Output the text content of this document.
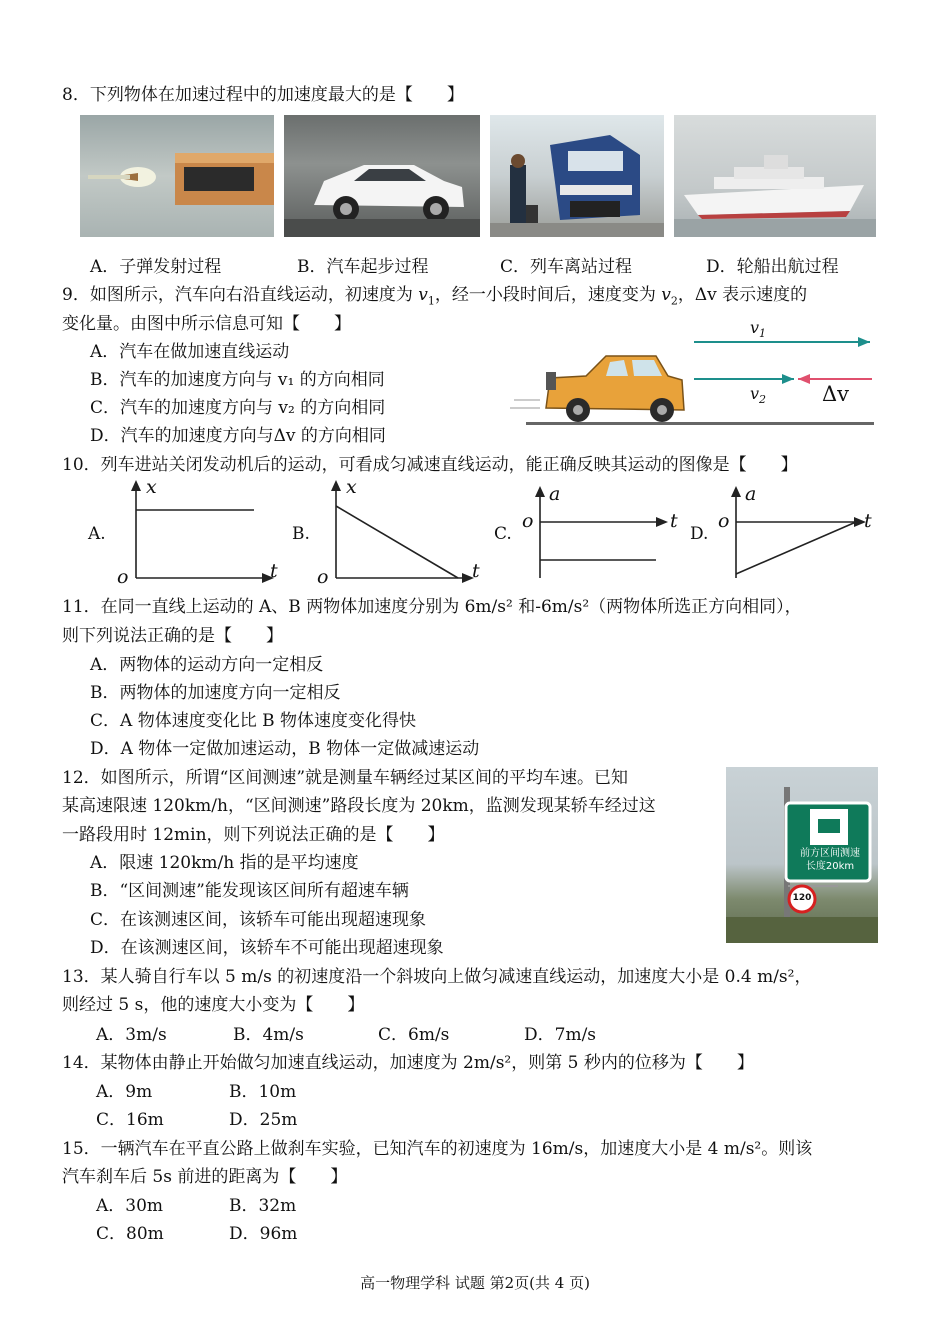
8．下列物体在加速过程中的加速度最大的是【　　】
A．子弹发射过程	B．汽车起步过程	C．列车离站过程	D．轮船出航过程
9．如图所示，汽车向右沿直线运动，初速度为 $v_1$，经一小段时间后，速度变为 $v_2$，Δv 表示速度的
变化量。由图中所示信息可知【　　】
A．汽车在做加速直线运动
B．汽车的加速度方向与 v₁ 的方向相同
C．汽车的加速度方向与 v₂ 的方向相同
D．汽车的加速度方向与Δv 的方向相同
$v_1$
$v_2$	Δv
10．列车进站关闭发动机后的运动，可看成匀减速直线运动，能正确反映其运动的图像是【　　】
A.
x
t
o
B.
x
t
o
C.
a
t
o
D.
a
t
o
11．在同一直线上运动的 A、B 两物体加速度分别为 6m/s² 和-6m/s²（两物体所选正方向相同），
则下列说法正确的是【　　】
A．两物体的运动方向一定相反
B．两物体的加速度方向一定相反
C．A 物体速度变化比 B 物体速度变化得快
D．A 物体一定做加速运动，B 物体一定做减速运动
12．如图所示，所谓“区间测速”就是测量车辆经过某区间的平均车速。已知
某高速限速 120km/h，“区间测速”路段长度为 20km，监测发现某轿车经过这
一路段用时 12min，则下列说法正确的是【　　】
A．限速 120km/h 指的是平均速度
B．“区间测速”能发现该区间所有超速车辆
C．在该测速区间，该轿车可能出现超速现象
D．在该测速区间，该轿车不可能出现超速现象
前方区间测速
长度20km
120
13．某人骑自行车以 5 m/s 的初速度沿一个斜坡向上做匀减速直线运动，加速度大小是 0.4 m/s²，
则经过 5 s，他的速度大小变为【　　】
A．3m/s	B．4m/s	C．6m/s	D．7m/s
14．某物体由静止开始做匀加速直线运动，加速度为 2m/s²，则第 5 秒内的位移为【　　】
A．9m	B．10m
C．16m	D．25m
15．一辆汽车在平直公路上做刹车实验，已知汽车的初速度为 16m/s，加速度大小是 4 m/s²。则该
汽车刹车后 5s 前进的距离为【　　】
A．30m	B．32m
C．80m	D．96m
高一物理学科 试题 第2页(共 4 页)
